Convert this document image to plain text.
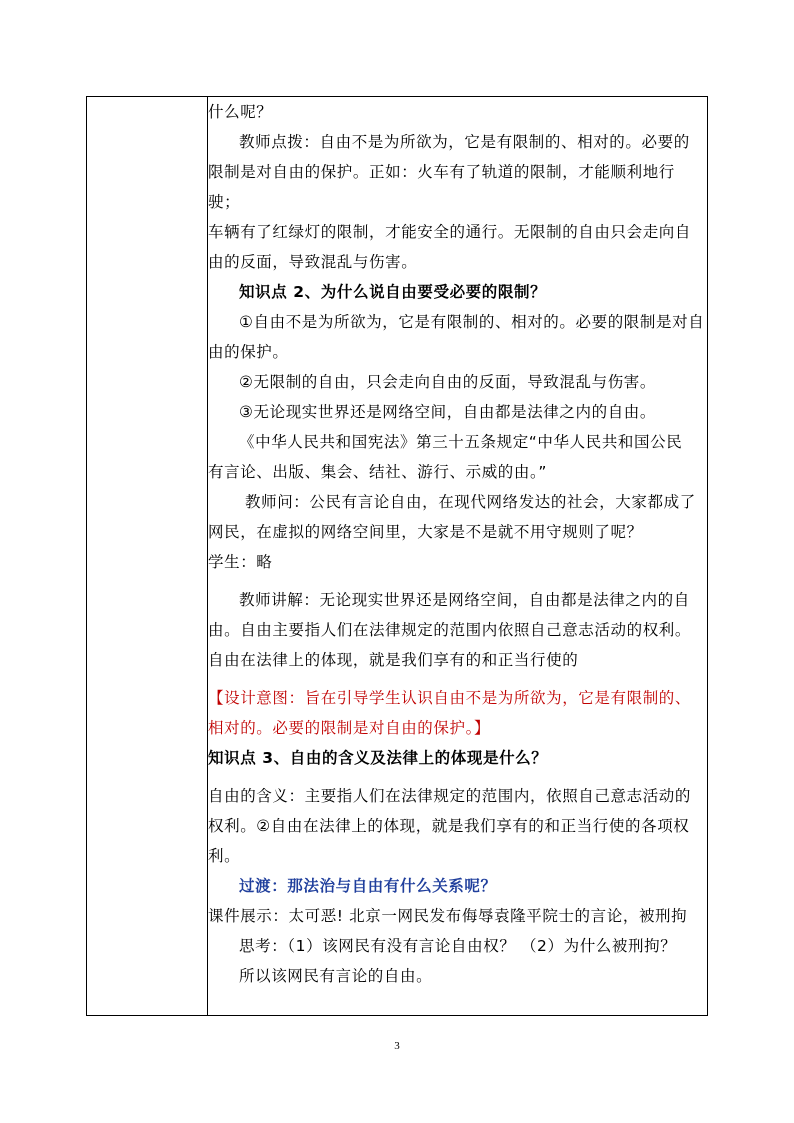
什么呢？

教师点拨：自由不是为所欲为，它是有限制的、相对的。必要的

限制是对自由的保护。正如：火车有了轨道的限制，才能顺利地行驶；

车辆有了红绿灯的限制，才能安全的通行。无限制的自由只会走向自

由的反面，导致混乱与伤害。

知识点 2、为什么说自由要受必要的限制？

①自由不是为所欲为，它是有限制的、相对的。必要的限制是对自

由的保护。

②无限制的自由，只会走向自由的反面，导致混乱与伤害。

③无论现实世界还是网络空间，自由都是法律之内的自由。

《中华人民共和国宪法》第三十五条规定“中华人民共和国公民

有言论、出版、集会、结社、游行、示威的由。”

教师问：公民有言论自由，在现代网络发达的社会，大家都成了

网民，在虚拟的网络空间里，大家是不是就不用守规则了呢？

学生：略

教师讲解：无论现实世界还是网络空间，自由都是法律之内的自

由。自由主要指人们在法律规定的范围内依照自己意志活动的权利。

自由在法律上的体现，就是我们享有的和正当行使的

【设计意图：旨在引导学生认识自由不是为所欲为，它是有限制的、

相对的。必要的限制是对自由的保护。】

知识点 3、自由的含义及法律上的体现是什么？

自由的含义：主要指人们在法律规定的范围内，依照自己意志活动的

权利。②自由在法律上的体现，就是我们享有的和正当行使的各项权

利。

过渡：那法治与自由有什么关系呢？

课件展示：太可恶! 北京一网民发布侮辱袁隆平院士的言论，被刑拘

思考：（1）该网民有没有言论自由权？ （2）为什么被刑拘？

所以该网民有言论的自由。

3
